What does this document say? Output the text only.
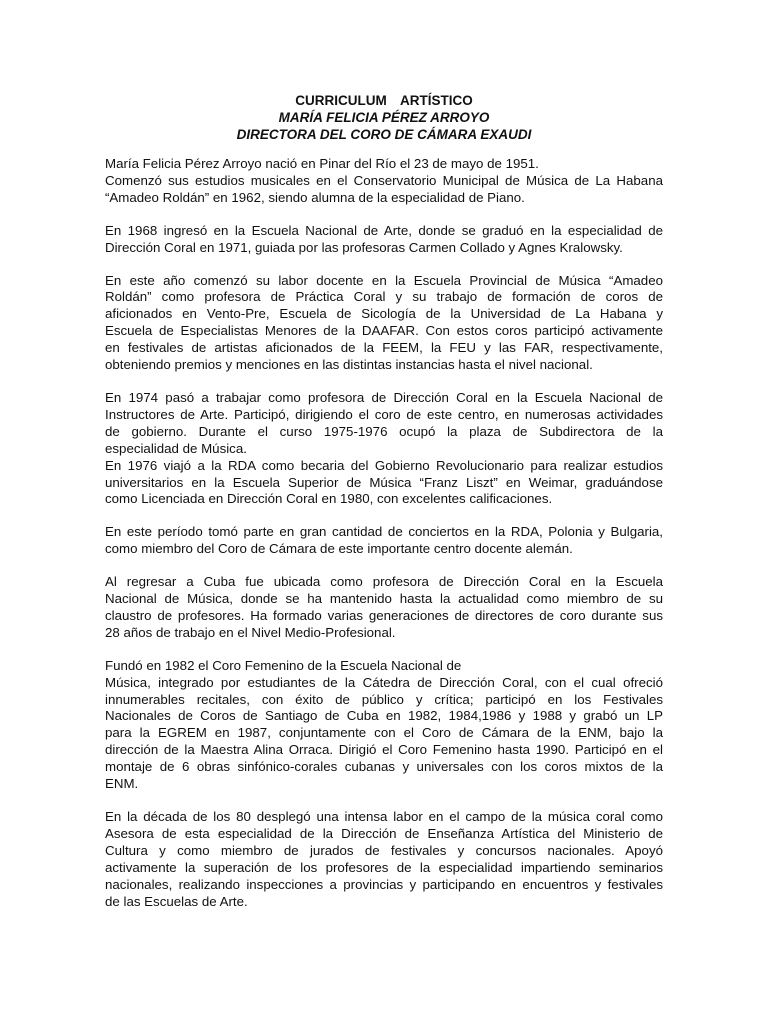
CURRICULUM ARTÍSTICO
MARÍA FELICIA PÉREZ ARROYO
DIRECTORA DEL CORO DE CÁMARA EXAUDI
María Felicia Pérez Arroyo nació en Pinar del Río el 23 de mayo de 1951.
Comenzó sus estudios musicales en el Conservatorio Municipal de Música de La Habana
“Amadeo Roldán” en 1962, siendo alumna de la especialidad de Piano.
En 1968 ingresó en la Escuela Nacional de Arte, donde se graduó en la especialidad de
Dirección Coral en 1971, guiada por las profesoras Carmen Collado y Agnes Kralowsky.
En este año comenzó su labor docente en la Escuela Provincial de Música “Amadeo
Roldán” como profesora de Práctica Coral y su trabajo de formación de coros de
aficionados en Vento-Pre, Escuela de Sicología de la Universidad de La Habana y
Escuela de Especialistas Menores de la DAAFAR. Con estos coros participó activamente
en festivales de artistas aficionados de la FEEM, la FEU y las FAR, respectivamente,
obteniendo premios y menciones en las distintas instancias hasta el nivel nacional.
En 1974 pasó a trabajar como profesora de Dirección Coral en la Escuela Nacional de
Instructores de Arte. Participó, dirigiendo el coro de este centro, en numerosas actividades
de gobierno. Durante el curso 1975-1976 ocupó la plaza de Subdirectora de la
especialidad de Música.
En 1976 viajó a la RDA como becaria del Gobierno Revolucionario para realizar estudios
universitarios en la Escuela Superior de Música “Franz Liszt” en Weimar, graduándose
como Licenciada en Dirección Coral en 1980, con excelentes calificaciones.
En este período tomó parte en gran cantidad de conciertos en la RDA, Polonia y Bulgaria,
como miembro del Coro de Cámara de este importante centro docente alemán.
Al regresar a Cuba fue ubicada como profesora de Dirección Coral en la Escuela
Nacional de Música, donde se ha mantenido hasta la actualidad como miembro de su
claustro de profesores. Ha formado varias generaciones de directores de coro durante sus
28 años de trabajo en el Nivel Medio-Profesional.
Fundó en 1982 el Coro Femenino de la Escuela Nacional de
Música, integrado por estudiantes de la Cátedra de Dirección Coral, con el cual ofreció
innumerables recitales, con éxito de público y crítica; participó en los Festivales
Nacionales de Coros de Santiago de Cuba en 1982, 1984,1986 y 1988 y grabó un LP
para la EGREM en 1987, conjuntamente con el Coro de Cámara de la ENM, bajo la
dirección de la Maestra Alina Orraca. Dirigió el Coro Femenino hasta 1990. Participó en el
montaje de 6 obras sinfónico-corales cubanas y universales con los coros mixtos de la
ENM.
En la década de los 80 desplegó una intensa labor en el campo de la música coral como
Asesora de esta especialidad de la Dirección de Enseñanza Artística del Ministerio de
Cultura y como miembro de jurados de festivales y concursos nacionales. Apoyó
activamente la superación de los profesores de la especialidad impartiendo seminarios
nacionales, realizando inspecciones a provincias y participando en encuentros y festivales
de las Escuelas de Arte.
